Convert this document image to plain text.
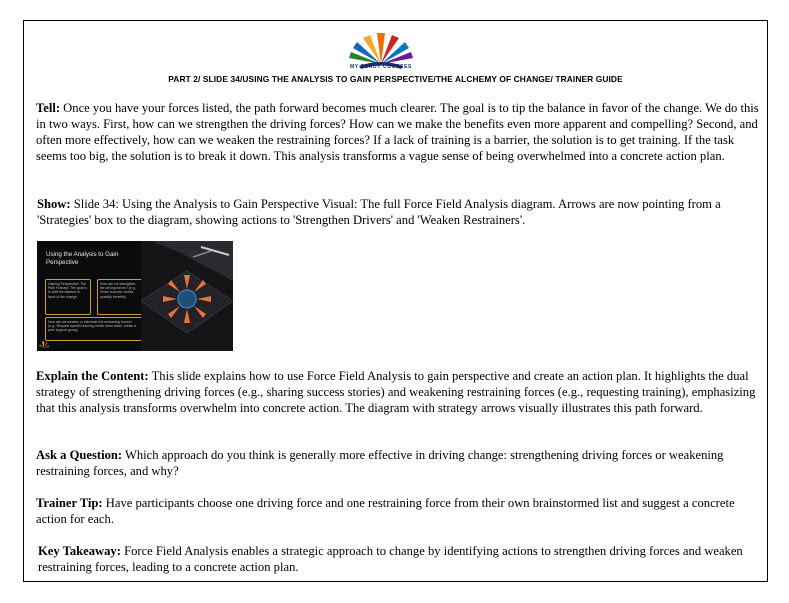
MY READY COURSES
PART 2/ SLIDE 34/USING THE ANALYSIS TO GAIN PERSPECTIVE/THE ALCHEMY OF CHANGE/ TRAINER GUIDE
Tell: Once you have your forces listed, the path forward becomes much clearer. The goal is to tip the balance in favor of the change. We do this in two ways. First, how can we strengthen the driving forces? How can we make the benefits even more apparent and compelling? Second, and often more effectively, how can we weaken the restraining forces? If a lack of training is a barrier, the solution is to get training. If the task seems too big, the solution is to break it down. This analysis transforms a vague sense of being overwhelmed into a concrete action plan.
Show: Slide 34: Using the Analysis to Gain Perspective Visual: The full Force Field Analysis diagram. Arrows are now pointing from a 'Strategies' box to the diagram, showing actions to 'Strengthen Drivers' and 'Weaken Restrainers'.
Using the Analysis to Gain Perspective
Gaining Perspective: The Path Forward. The goal is to shift the balance in favor of the change
How can we strengthen the driving forces? (e.g., Share success stories, quantify benefits)
How can we weaken or eliminate the restraining forces? (e.g., Request specific training, break down tasks, create a peer support group)
Explain the Content: This slide explains how to use Force Field Analysis to gain perspective and create an action plan. It highlights the dual strategy of strengthening driving forces (e.g., sharing success stories) and weakening restraining forces (e.g., requesting training), emphasizing that this analysis transforms overwhelm into concrete action. The diagram with strategy arrows visually illustrates this path forward.
Ask a Question: Which approach do you think is generally more effective in driving change: strengthening driving forces or weakening restraining forces, and why?
Trainer Tip: Have participants choose one driving force and one restraining force from their own brainstormed list and suggest a concrete action for each.
Key Takeaway: Force Field Analysis enables a strategic approach to change by identifying actions to strengthen driving forces and weaken restraining forces, leading to a concrete action plan.
